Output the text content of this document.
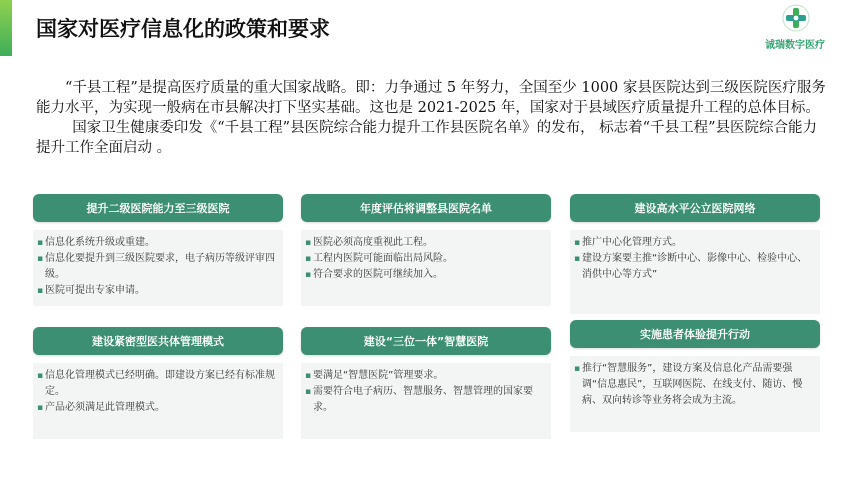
国家对医疗信息化的政策和要求
诚瑞数字医疗

“千县工程”是提高医疗质量的重大国家战略。即：力争通过 5 年努力，全国至少 1000 家县医院达到三级医院医疗服务能力水平，为实现一般病在市县解决打下坚实基础。这也是 2021-2025 年，国家对于县域医疗质量提升工程的总体目标。

国家卫生健康委印发《“千县工程”县医院综合能力提升工作县医院名单》的发布， 标志着“千县工程”县医院综合能力提升工作全面启动 。

提升二级医院能力至三级医院
▪ 信息化系统升级或重建。
▪ 信息化要提升到三级医院要求，电子病历等级评审四级。
▪ 医院可提出专家申请。
年度评估将调整县医院名单
▪ 医院必须高度重视此工程。
▪ 工程内医院可能面临出局风险。
▪ 符合要求的医院可继续加入。
建设高水平公立医院网络
▪ 推广中心化管理方式。
▪ 建设方案要主推“诊断中心、影像中心、检验中心、消供中心等方式”
建设紧密型医共体管理模式
▪ 信息化管理模式已经明确。即建设方案已经有标准规定。
▪ 产品必须满足此管理模式。
建设“三位一体”智慧医院
▪ 要满足“智慧医院”管理要求。
▪ 需要符合电子病历、智慧服务、智慧管理的国家要求。
实施患者体验提升行动
▪ 推行“智慧服务”，建设方案及信息化产品需要强调“信息惠民”，互联网医院、在线支付、随访、慢病、双向转诊等业务将会成为主流。
